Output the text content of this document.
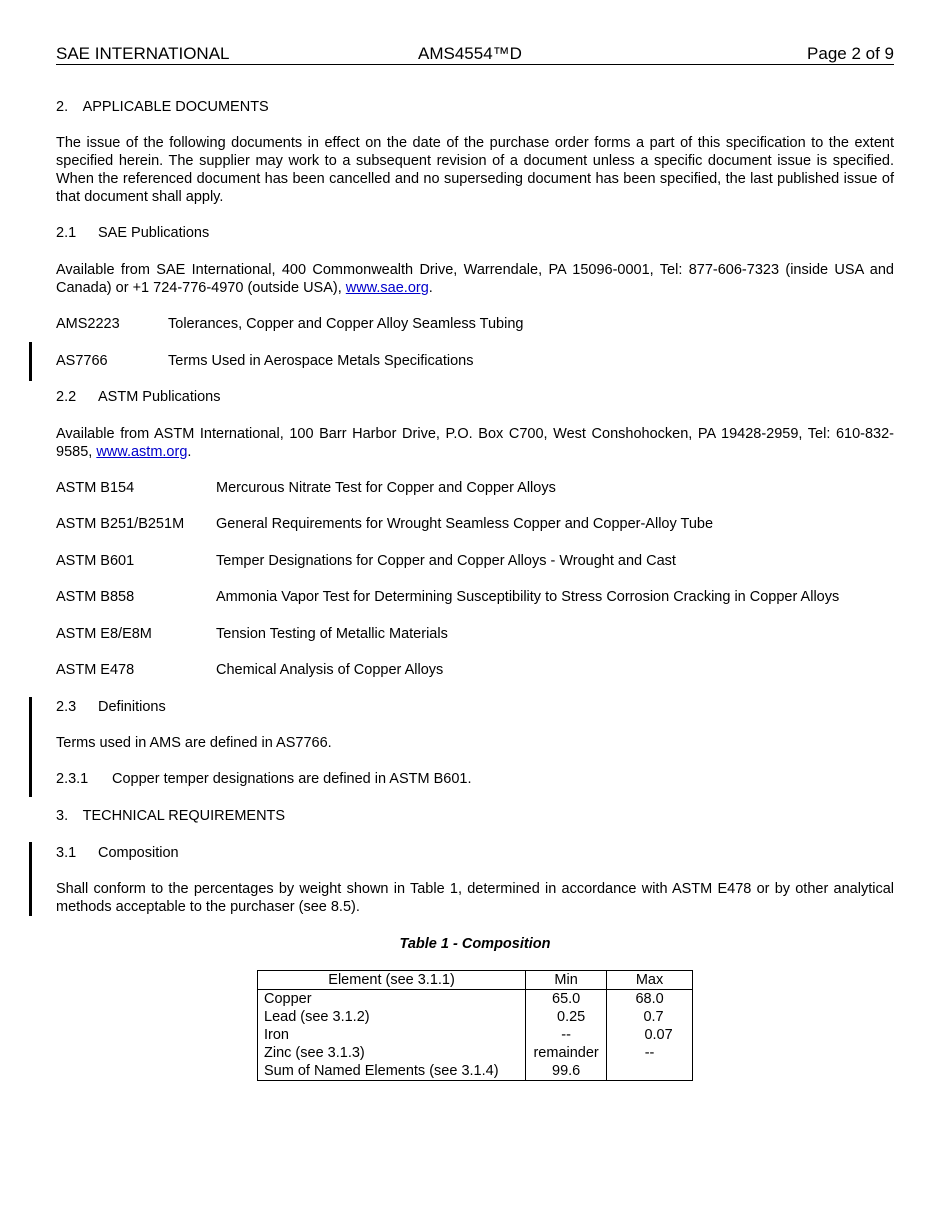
SAE INTERNATIONAL	AMS4554™D	Page 2 of 9
2. APPLICABLE DOCUMENTS
The issue of the following documents in effect on the date of the purchase order forms a part of this specification to the extent specified herein. The supplier may work to a subsequent revision of a document unless a specific document issue is specified. When the referenced document has been cancelled and no superseding document has been specified, the last published issue of that document shall apply.
2.1 SAE Publications
Available from SAE International, 400 Commonwealth Drive, Warrendale, PA 15096-0001, Tel: 877-606-7323 (inside USA and Canada) or +1 724-776-4970 (outside USA), www.sae.org.
AMS2223	Tolerances, Copper and Copper Alloy Seamless Tubing
AS7766	Terms Used in Aerospace Metals Specifications
2.2 ASTM Publications
Available from ASTM International, 100 Barr Harbor Drive, P.O. Box C700, West Conshohocken, PA 19428-2959, Tel: 610-832-9585, www.astm.org.
ASTM B154	Mercurous Nitrate Test for Copper and Copper Alloys
ASTM B251/B251M General Requirements for Wrought Seamless Copper and Copper-Alloy Tube
ASTM B601	Temper Designations for Copper and Copper Alloys - Wrought and Cast
ASTM B858	Ammonia Vapor Test for Determining Susceptibility to Stress Corrosion Cracking in Copper Alloys
ASTM E8/E8M	Tension Testing of Metallic Materials
ASTM E478	Chemical Analysis of Copper Alloys
2.3 Definitions
Terms used in AMS are defined in AS7766.
2.3.1 Copper temper designations are defined in ASTM B601.
3. TECHNICAL REQUIREMENTS
3.1 Composition
Shall conform to the percentages by weight shown in Table 1, determined in accordance with ASTM E478 or by other analytical methods acceptable to the purchaser (see 8.5).
Table 1 - Composition
Element (see 3.1.1)	Min	Max
Copper	65.0	68.0
Lead (see 3.1.2)	0.25	0.7
Iron	--	0.07
Zinc (see 3.1.3)	remainder	--
Sum of Named Elements (see 3.1.4)	99.6	
